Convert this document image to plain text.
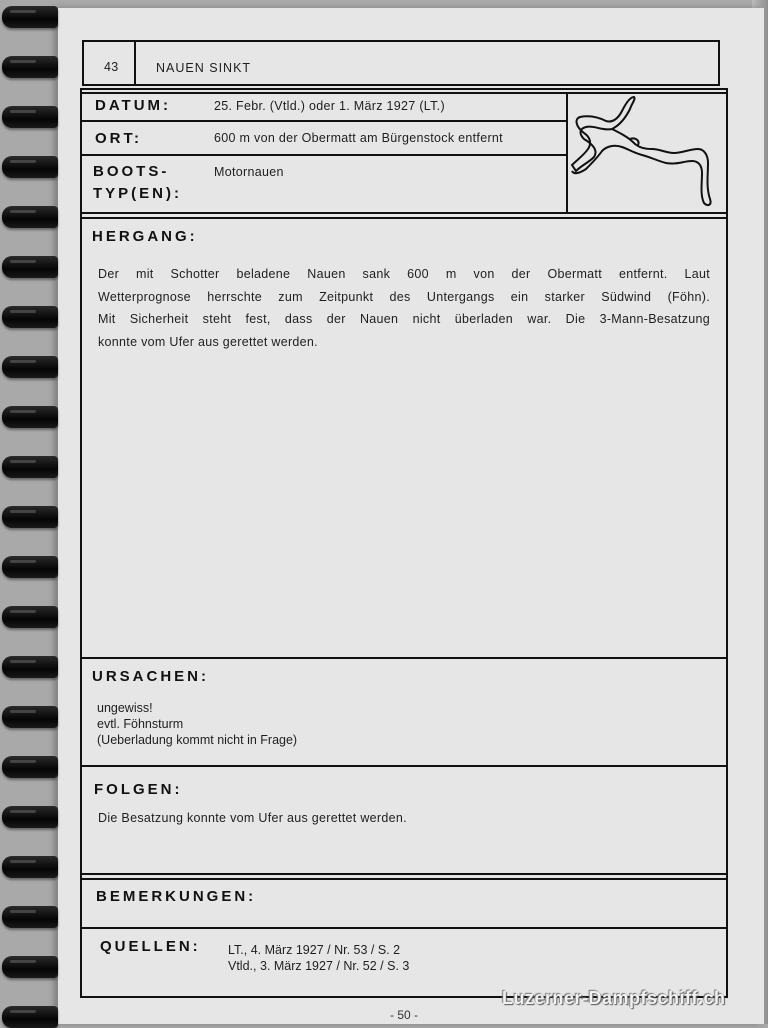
43	NAUEN SINKT
DATUM:	25. Febr. (Vtld.) oder 1. März 1927 (LT.)
ORT:	600 m von der Obermatt am Bürgenstock entfernt
BOOTS-
TYP(EN):
Motornauen
HERGANG:
Der mit Schotter beladene Nauen sank 600 m von der Obermatt entfernt. Laut
Wetterprognose herrschte zum Zeitpunkt des Untergangs ein starker Südwind (Föhn).
Mit Sicherheit steht fest, dass der Nauen nicht überladen war. Die 3-Mann-Besatzung
konnte vom Ufer aus gerettet werden.
URSACHEN:
ungewiss!
evtl. Föhnsturm
(Ueberladung kommt nicht in Frage)
FOLGEN:
Die Besatzung konnte vom Ufer aus gerettet werden.
BEMERKUNGEN:
QUELLEN: LT., 4. März 1927 / Nr. 53 / S. 2
Vtld., 3. März 1927 / Nr. 52 / S. 3
- 50 -
Luzerner-Dampfschiff.ch
